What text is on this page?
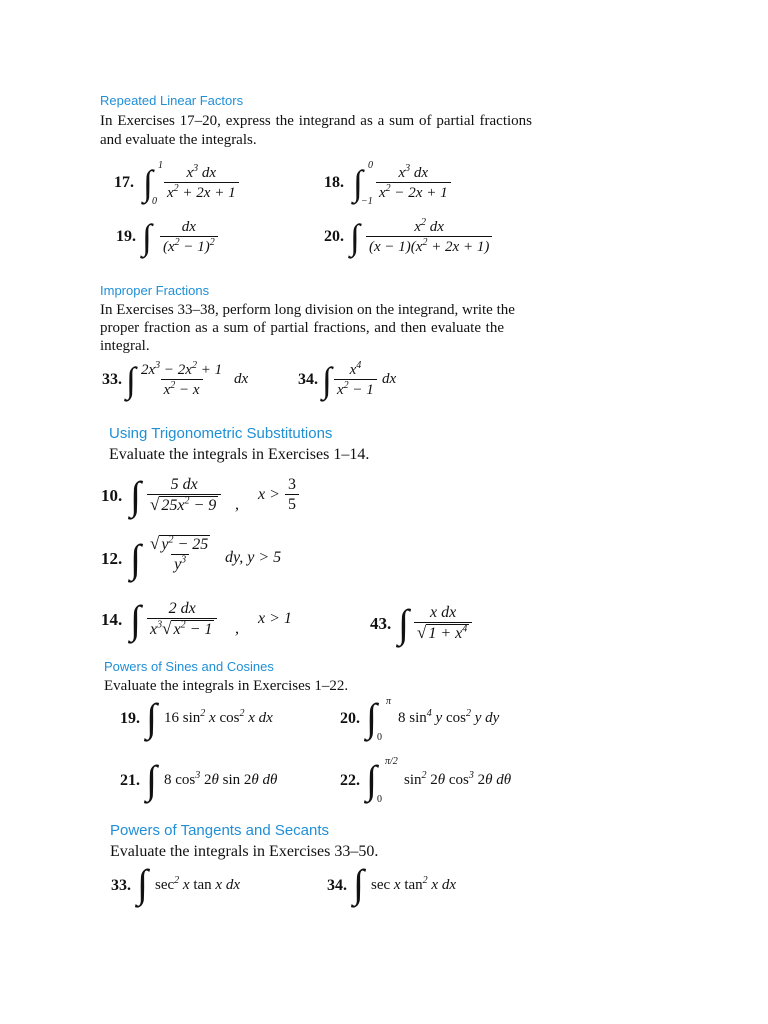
Repeated Linear Factors
In Exercises 17–20, express the integrand as a sum of partial fractions
and evaluate the integrals.
17. ∫ 1
$0 \frac{x^3 dx}{x^2 + 2x + 1}$	18. ∫ 0
$-1 \frac{x^3 dx}{x^2 - 2x + 1}$
19. ∫ $\frac{dx}{(x^2 - 1)^2}$	20. ∫ $\frac{x^2 dx}{(x - 1)(x^2 + 2x + 1)}$
Improper Fractions
In Exercises 33–38, perform long division on the integrand, write the
proper fraction as a sum of partial fractions, and then evaluate the
integral.
33. ∫ $\frac{2x^3 - 2x^2 + 1}{x^2 - x}$ dx	34. ∫ $\frac{x^4}{x^2 - 1}$ dx
Using Trigonometric Substitutions
Evaluate the integrals in Exercises 1–14.
10. ∫ $\frac{5 dx}{√ 25x^2 - 9}$ ,
$x > \frac{3}{5}$
12. ∫ $\frac{√ y^2 - 25}{y^3}$ dy, y > 5
14. ∫ $\frac{2 dx}{x^3√ x^2 - 1}$ ,
x > 1	43. ∫ $\frac{\text{x dx}}{√ 1 + x^4}$
Powers of Sines and Cosines
Evaluate the integrals in Exercises 1–22.
19. ∫ 16 $\sin^2 x$ $\cos^2 x$ dx	20. ∫ π
0
8 $\sin^4 y$ $\cos^2 y$ dy
21. ∫ 8 $\cos^3 2\theta$ sin 2θ dθ	22. ∫ π/2
0
$\sin^2 2\theta$ $\cos^3 2\theta$ dθ
Powers of Tangents and Secants
Evaluate the integrals in Exercises 33–50.
33. ∫ $\sec^2 x$ tan x dx	34. ∫ sec x $\tan^2 x$ dx
